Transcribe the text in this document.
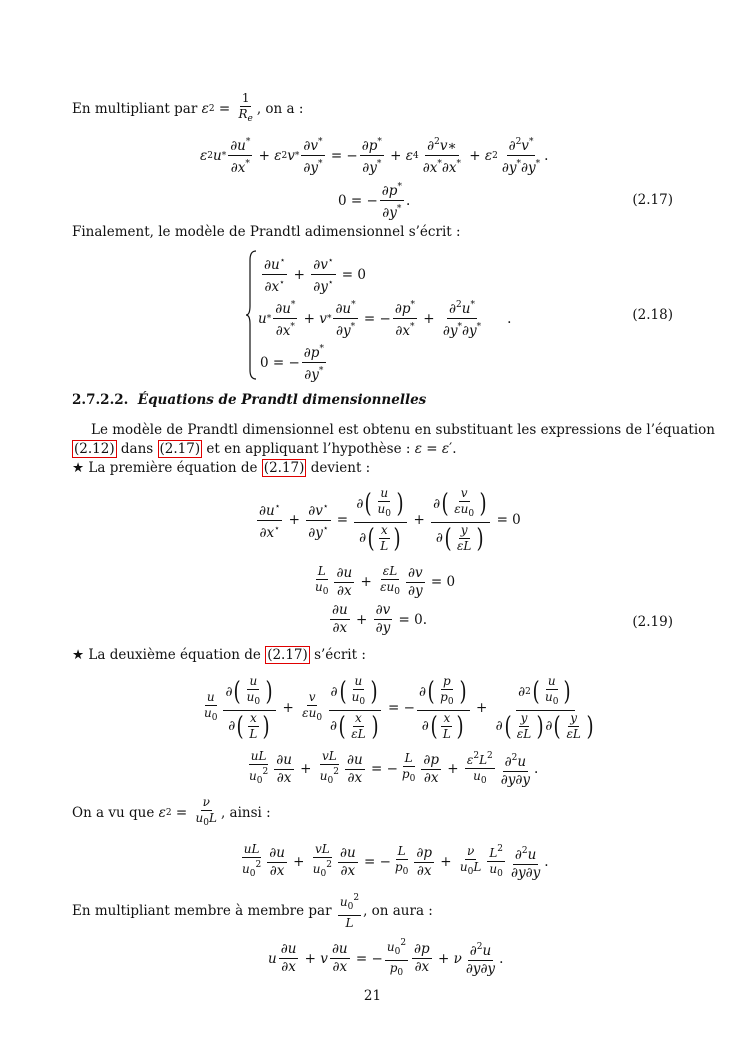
En multipliant par
ε $2 = \frac{1}{R_e}$ , on a :
ε 2 $u * \frac{\partial u^*}{\partial x^*} + \varepsilon$ 2 v * $\frac{\partial v^*}{\partial y^*}$ = − $\frac{\partial p^*}{\partial y^*} + \varepsilon$ $4 \frac{\partial^2v∗}{\partial x^*\partial x^*} + \varepsilon$ $2 \frac{\partial^2v^*}{\partial y^*\partial y^*}$ .
0 = − $\frac{\partial p^*}{\partial y^*}$ .	(2.17)
Finalement, le modèle de Prandtl adimensionnel s’écrit :
$\frac{\partial u^⋆}{\partial x^⋆} + \frac{\partial v^⋆}{\partial y^⋆} = 0$
$u * \frac{\partial u^*}{\partial x^*} + v * \frac{\partial u^*}{\partial y^*}$ = − $\frac{\partial p^*}{\partial x^*} + \frac{\partial^2u^*}{\partial y^*\partial y^*}$ .	(2.18)
0 = − $\frac{\partial p^*}{\partial y^*}$
2.7.2.2. Équations de Prandtl dimensionnelles
Le modèle de Prandtl dimensionnel est obtenu en substituant les expressions de l’équation
(2.12) dans (2.17) et en appliquant l’hypothèse : ε = ε′.
★ La première équation de (2.17) devient :
$\frac{\partial u^⋆}{\partial x^⋆} + \frac{\partial v^⋆}{\partial y^⋆} = \frac{\partial ( \frac{u}{u_0} )}{\partial ( \frac{x}{L} )} + \frac{\partial ( \frac{v}{\varepsilon u_0} )}{\partial ( \frac{y}{\varepsilon L} )} = 0$
$\frac{L}{u_0} \frac{\partial u}{\partial x} + \frac{\varepsilon L}{\varepsilon u_0} \frac{\partial v}{\partial y} = 0$
$\frac{\partial u}{\partial x} + \frac{\partial v}{\partial y} = 0$.	(2.19)
★ La deuxième équation de (2.17) s’écrit :
$\frac{u}{u_0} \frac{\partial ( \frac{u}{u_0} )}{\partial ( \frac{x}{L} )} + \frac{v}{\varepsilon u_0} \frac{\partial ( \frac{u}{u_0} )}{\partial ( \frac{x}{\varepsilon L} )}$ = − $\frac{\partial ( \frac{p}{p_0} )}{\partial ( \frac{x}{L} )} + \frac{\partial 2 ( \frac{u}{u_0} )}{\partial ( \frac{y}{\varepsilon L} ) \partial ( \frac{y}{\varepsilon L} )}$
$\frac{uL}{u_0^2} \frac{\partial u}{\partial x} + \frac{vL}{u_0^2} \frac{\partial u}{\partial x}$ = − $\frac{L}{p_0} \frac{\partial p}{\partial x} + \frac{\varepsilon^2L^2}{u_0} \frac{\partial^2u}{\partial y\partial y}$ .
On a vu que
ε $2 = \frac{\nu}{u_0L}$ , ainsi :
$\frac{uL}{u_0^2} \frac{\partial u}{\partial x} + \frac{vL}{u_0^2} \frac{\partial u}{\partial x}$ = − $\frac{L}{p_0} \frac{\partial p}{\partial x} + \frac{\nu}{u_0L} \frac{L^2}{u_0} \frac{\partial^2u}{\partial y\partial y}$ .
En multipliant membre à membre par
$\frac{u_0^2}{L}$ , on aura :
u $\frac{\partial u}{\partial x} + v \frac{\partial u}{\partial x}$ = − $\frac{u_0^2}{p_0} \frac{\partial p}{\partial x} + \nu \frac{\partial^2u}{\partial y\partial y}$ .
21
